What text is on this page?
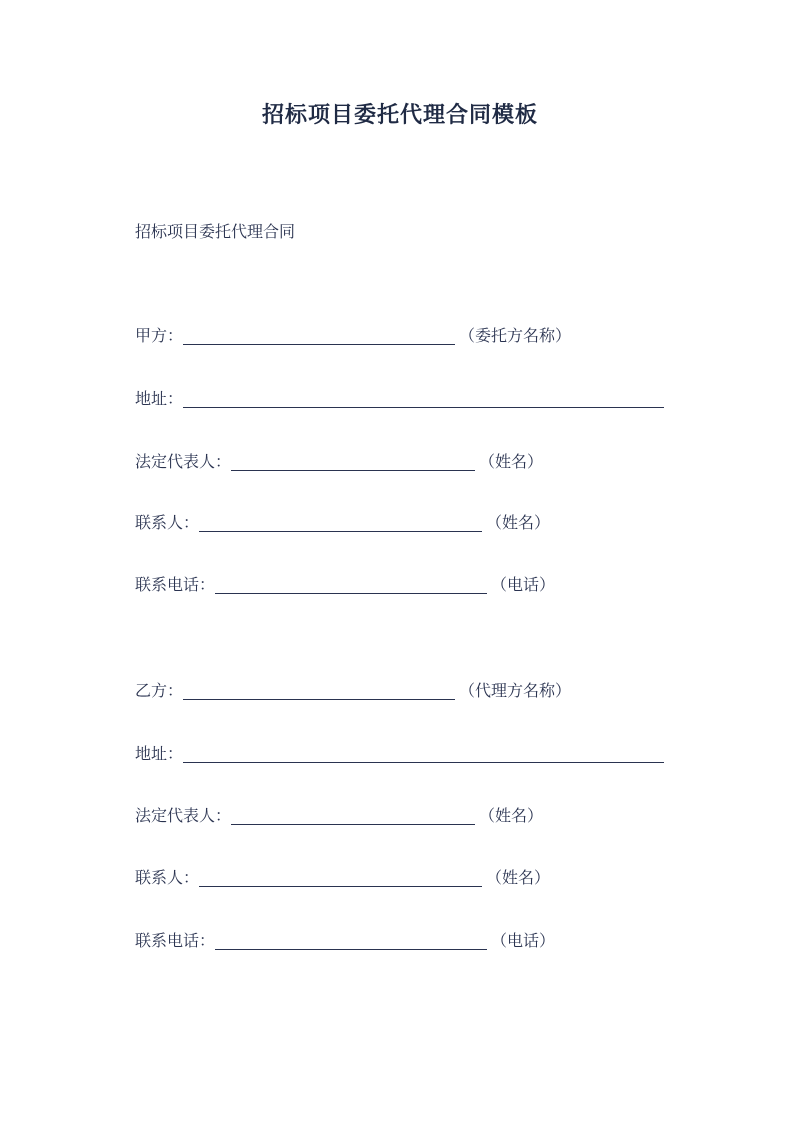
招标项目委托代理合同模板
招标项目委托代理合同
甲方：	（委托方名称）
地址：
法定代表人：	（姓名）
联系人：	（姓名）
联系电话：	（电话）
乙方：	（代理方名称）
地址：
法定代表人：	（姓名）
联系人：	（姓名）
联系电话：	（电话）
